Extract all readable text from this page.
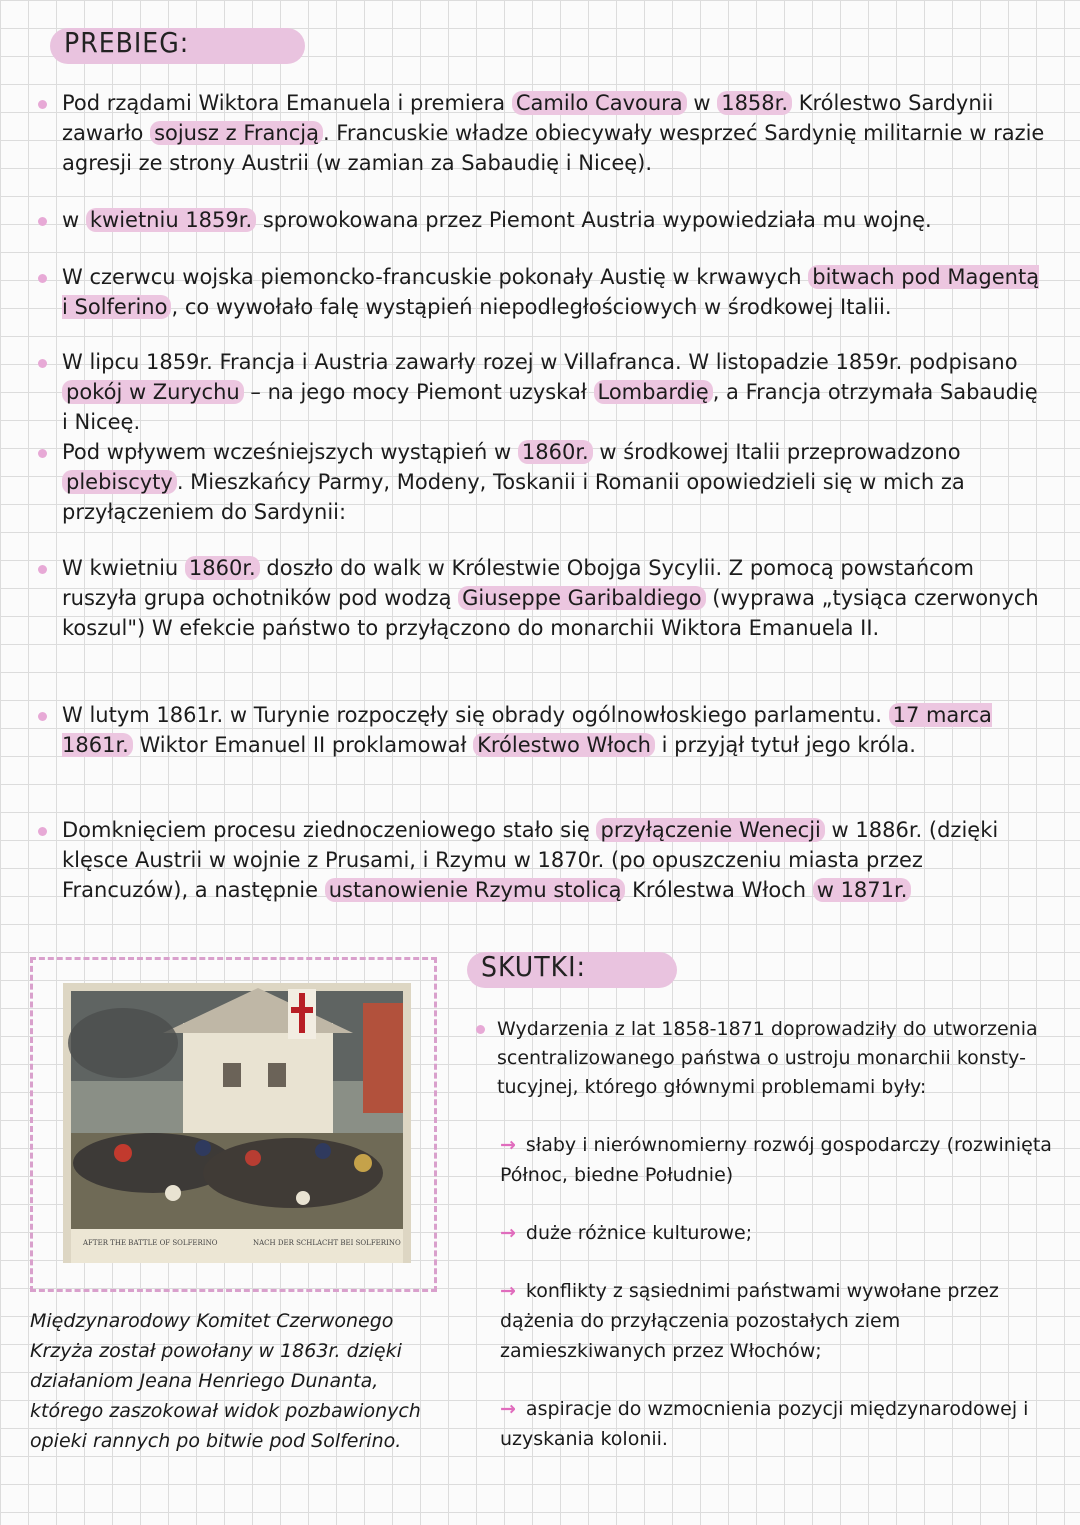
PREBIEG:
Pod rządami Wiktora Emanuela i premiera Camilo Cavoura w 1858r. Królestwo Sardynii zawarło sojusz z Francją . Francuskie władze obiecywały wesprzeć Sardynię militarnie w razie agresji ze strony Austrii (w zamian za Sabaudię i Niceę).
w kwietniu 1859r. sprowokowana przez Piemont Austria wypowiedziała mu wojnę.
W czerwcu wojska piemoncko-francuskie pokonały Austię w krwawych bitwach pod Magentą i Solferino , co wywołało falę wystąpień niepodległościowych w środkowej Italii.
W lipcu 1859r. Francja i Austria zawarły rozej w Villafranca. W listopadzie 1859r. podpisano pokój w Zurychu – na jego mocy Piemont uzyskał Lombardię , a Francja otrzymała Sabaudię i Niceę.
Pod wpływem wcześniejszych wystąpień w 1860r. w środkowej Italii przeprowadzono plebiscyty . Mieszkańcy Parmy, Modeny, Toskanii i Romanii opowiedzieli się w mich za przyłączeniem do Sardynii:
W kwietniu 1860r. doszło do walk w Królestwie Obojga Sycylii. Z pomocą powstańcom ruszyła grupa ochotników pod wodzą Giuseppe Garibaldiego (wyprawa „tysiąca czerwonych koszul") W efekcie państwo to przyłączono do monarchii Wiktora Emanuela II.
W lutym 1861r. w Turynie rozpoczęły się obrady ogólnowłoskiego parlamentu. 17 marca 1861r. Wiktor Emanuel II proklamował Królestwo Włoch i przyjął tytuł jego króla.
Domknięciem procesu ziednoczeniowego stało się przyłączenie Wenecji w 1886r. (dzięki klęsce Austrii w wojnie z Prusami, i Rzymu w 1870r. (po opuszczeniu miasta przez Francuzów), a następnie ustanowienie Rzymu stolicą Królestwa Włoch w 1871r.
AFTER THE BATTLE OF SOLFERINO	NACH DER SCHLACHT BEI SOLFERINO
Międzynarodowy Komitet Czerwonego Krzyża został powołany w 1863r. dzięki działaniom Jeana Henriego Dunanta, którego zaszokował widok pozbawionych opieki rannych po bitwie pod Solferino.
SKUTKI:
Wydarzenia z lat 1858-1871 doprowadziły do utworzenia scentralizowanego państwa o ustroju monarchii konsty-tucyjnej, którego głównymi problemami były:
→ słaby i nierównomierny rozwój gospodarczy (rozwinięta Północ, biedne Południe)
→ duże różnice kulturowe;
→ konflikty z sąsiednimi państwami wywołane przez dążenia do przyłączenia pozostałych ziem zamieszkiwanych przez Włochów;
→ aspiracje do wzmocnienia pozycji międzynarodowej i uzyskania kolonii.
